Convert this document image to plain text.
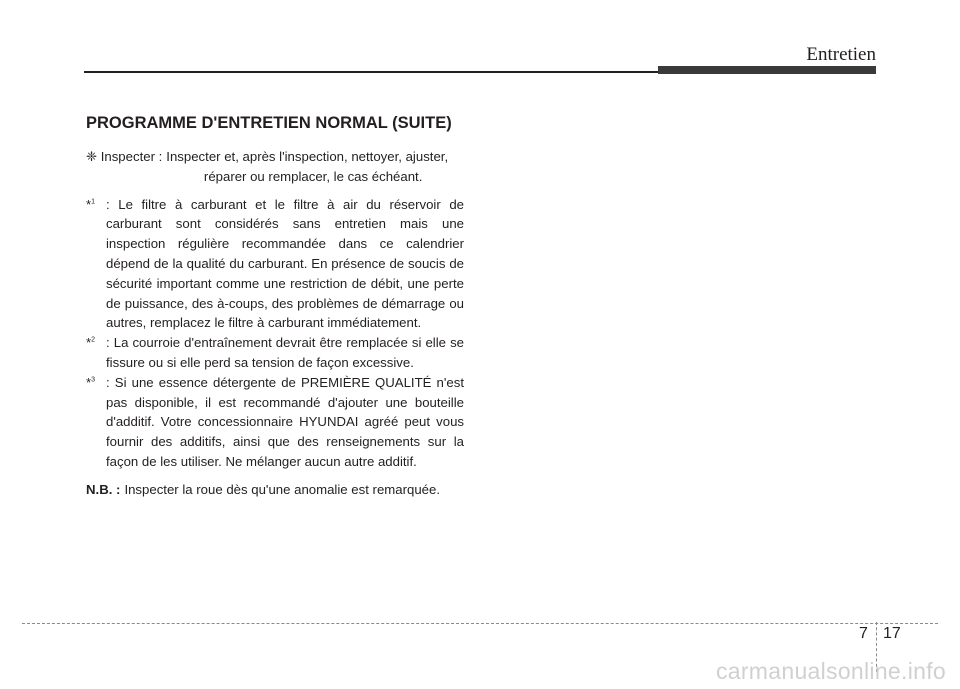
Entretien
PROGRAMME D'ENTRETIEN NORMAL (SUITE)
❈ Inspecter : Inspecter et, après l'inspection, nettoyer, ajuster,
réparer ou remplacer, le cas échéant.
*$^1$ : Le filtre à carburant et le filtre à air du réservoir de carburant sont considérés sans entretien mais une inspection régulière recommandée dans ce calendrier dépend de la qualité du carburant. En présence de soucis de sécurité important comme une restriction de débit, une perte de puissance, des à-coups, des problèmes de démarrage ou autres, remplacez le filtre à carburant immédiatement.
*$^2$ : La courroie d'entraînement devrait être remplacée si elle se fissure ou si elle perd sa tension de façon excessive.
*$^3$ : Si une essence détergente de PREMIÈRE QUALITÉ n'est pas disponible, il est recommandé d'ajouter une bouteille d'additif. Votre concessionnaire HYUNDAI agréé peut vous fournir des additifs, ainsi que des renseignements sur la façon de les utiliser. Ne mélanger aucun autre additif.
N.B. : Inspecter la roue dès qu'une anomalie est remarquée.
7 17
carmanualsonline.info
